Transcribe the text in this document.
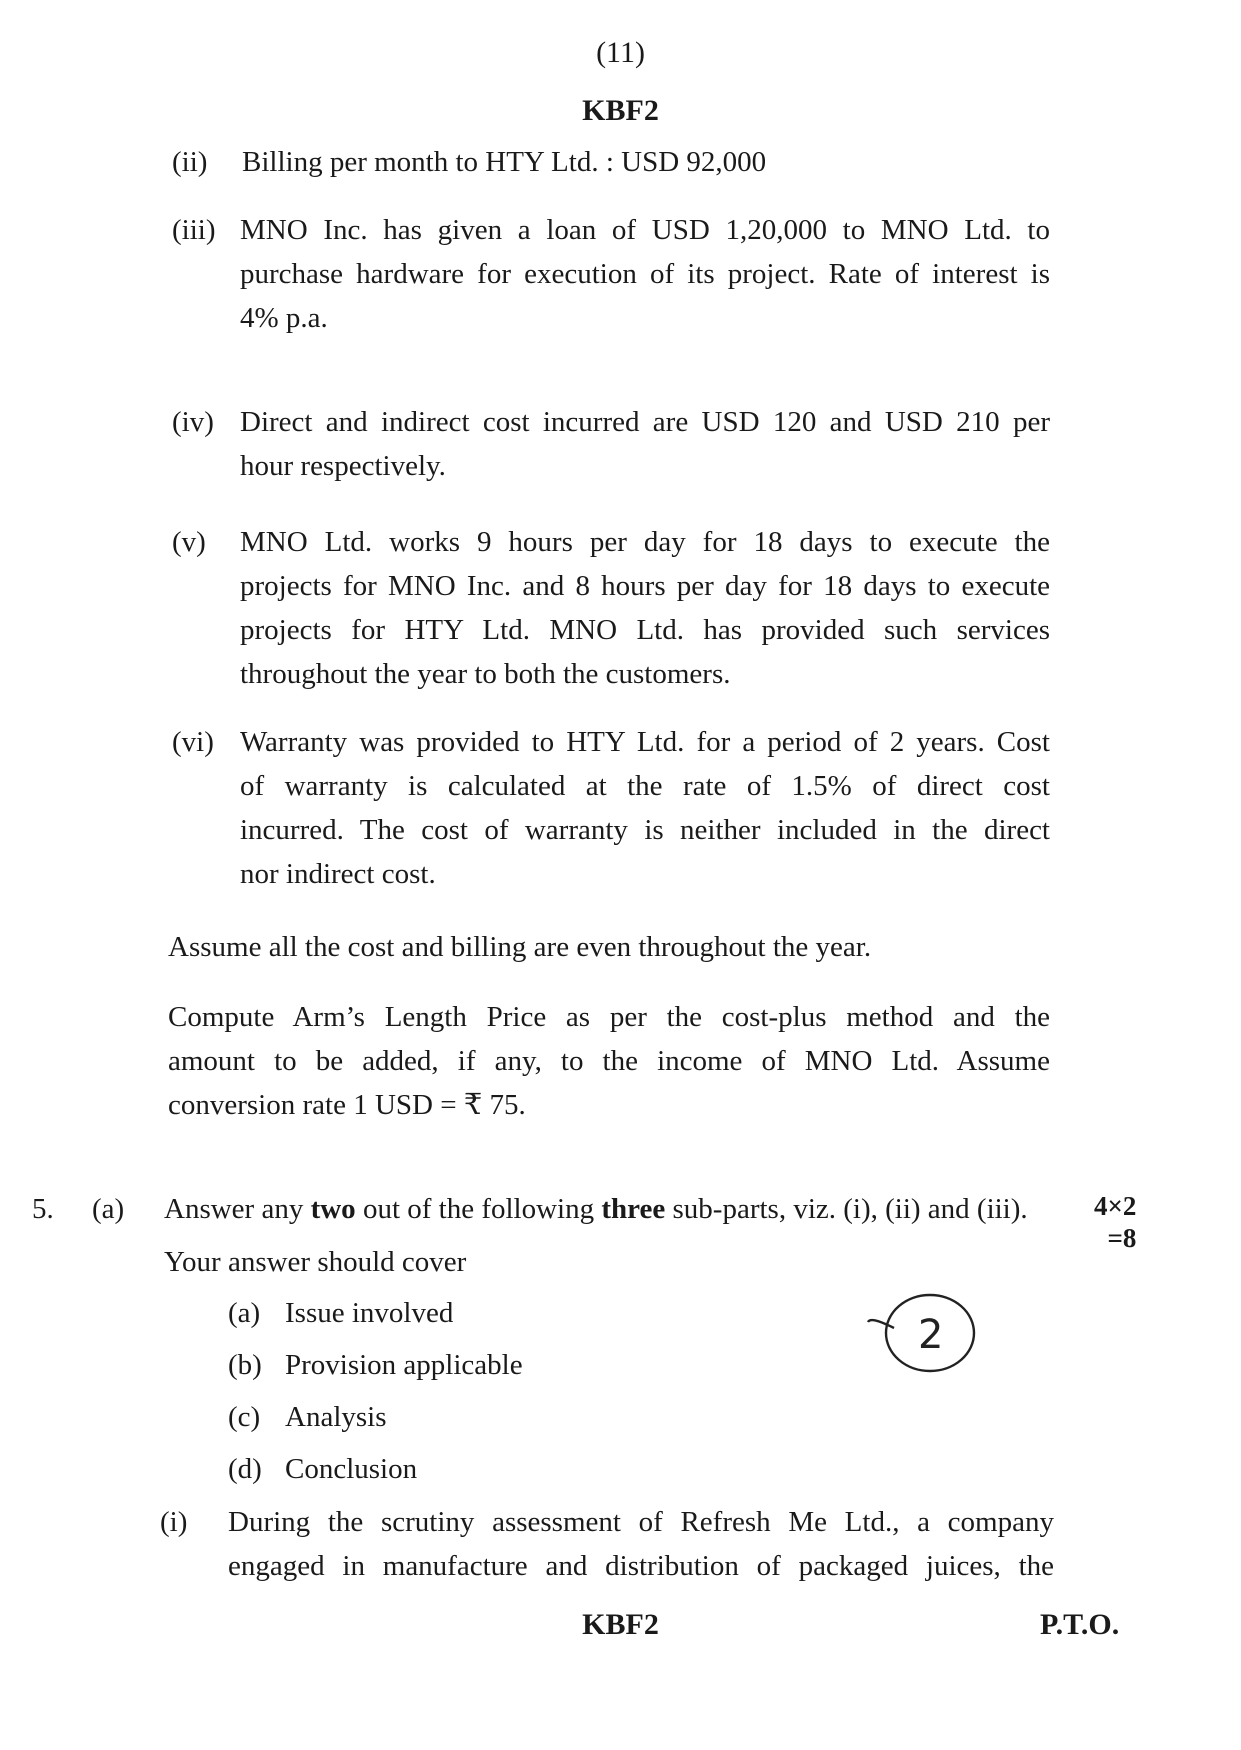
(11)
KBF2
(ii) Billing per month to HTY Ltd. : USD 92,000
(iii) MNO Inc. has given a loan of USD 1,20,000 to MNO Ltd. to
purchase hardware for execution of its project. Rate of interest is
4% p.a.
(iv) Direct and indirect cost incurred are USD 120 and USD 210 per
hour respectively.
(v) MNO Ltd. works 9 hours per day for 18 days to execute the
projects for MNO Inc. and 8 hours per day for 18 days to execute
projects for HTY Ltd. MNO Ltd. has provided such services
throughout the year to both the customers.
(vi) Warranty was provided to HTY Ltd. for a period of 2 years. Cost
of warranty is calculated at the rate of 1.5% of direct cost
incurred. The cost of warranty is neither included in the direct
nor indirect cost.
Assume all the cost and billing are even throughout the year.
Compute Arm’s Length Price as per the cost-plus method and the
amount to be added, if any, to the income of MNO Ltd. Assume
conversion rate 1 USD = ₹ 75.
5. (a) Answer any two out of the following three sub-parts, viz. (i), (ii) and (iii).	4×2
=8
Your answer should cover
(a) Issue involved
(b) Provision applicable
(c) Analysis
(d) Conclusion
2
(i) During the scrutiny assessment of Refresh Me Ltd., a company
engaged in manufacture and distribution of packaged juices, the
KBF2	P.T.O.
